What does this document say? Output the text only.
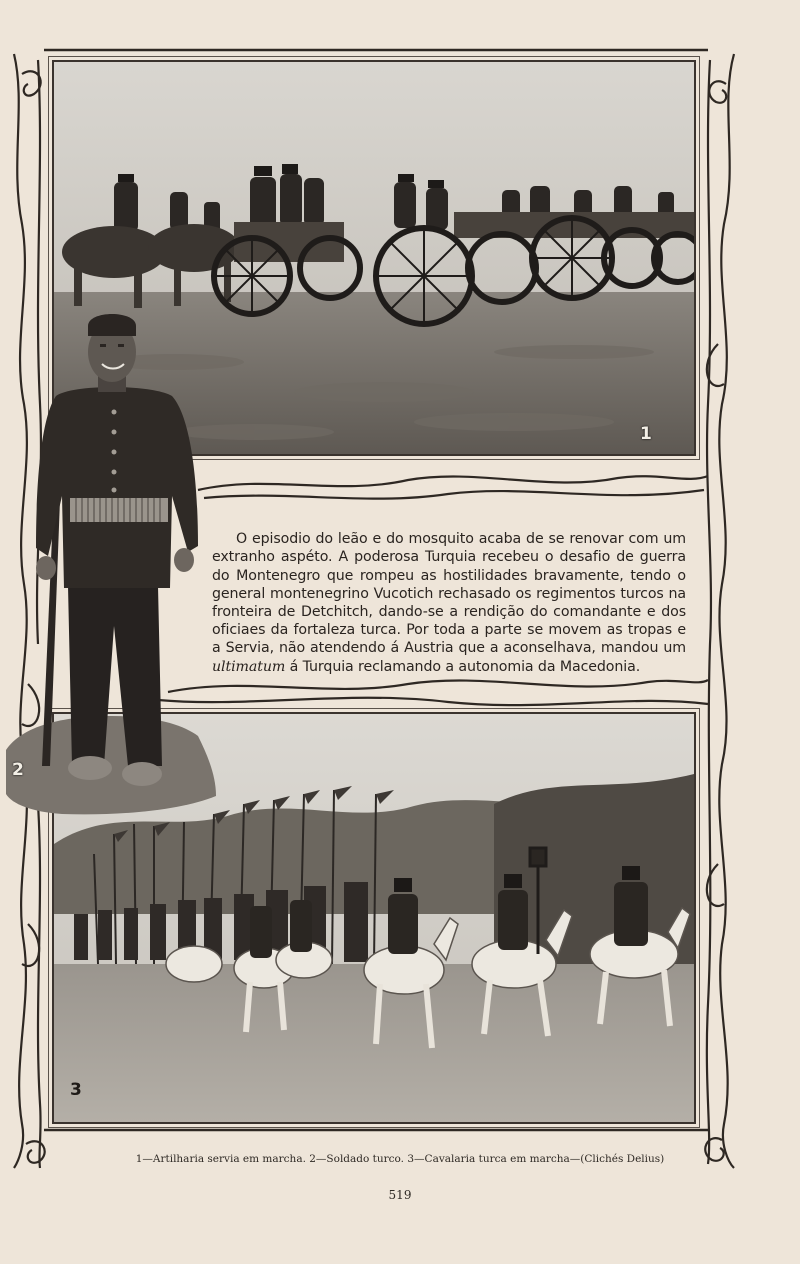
1
3
2

O episodio do leão e do mosquito acaba de se renovar com um extranho aspéto. A poderosa Turquia recebeu o desafio de guerra do Montenegro que rompeu as hostilidades bravamente, tendo o general montenegrino Vucotich rechasado os regimentos turcos na fronteira de Detchitch, dando-se a rendição do comandante e dos oficiaes da fortaleza turca. Por toda a parte se movem as tropas e a Servia, não atendendo á Austria que a aconselhava, mandou um ultimatum á Turquia reclamando a autonomia da Macedonia.

1—Artilharia servia em marcha. 2—Soldado turco. 3—Cavalaria turca em marcha—(Clichés Delius)
519
